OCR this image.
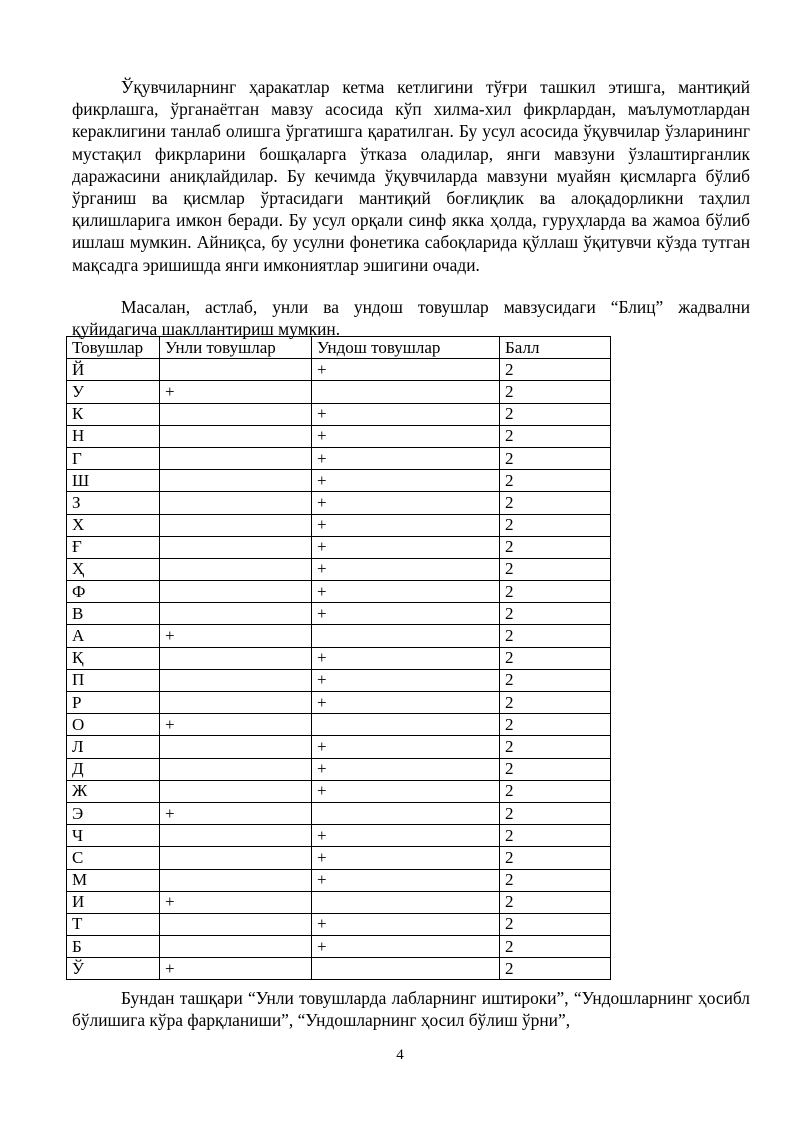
Ўқувчиларнинг ҳаракатлар кетма кетлигини тўғри ташкил этишга, мантиқий фикрлашга, ўрганаётган мавзу асосида кўп хилма-хил фикрлардан, маълумотлардан кераклигини танлаб олишга ўргатишга қаратилган. Бу усул асосида ўқувчилар ўзларининг мустақил фикрларини бошқаларга ўтказа оладилар, янги мавзуни ўзлаштирганлик даражасини аниқлайдилар. Бу кечимда ўқувчиларда мавзуни муайян қисмларга бўлиб ўрганиш ва қисмлар ўртасидаги мантиқий боғлиқлик ва алоқадорликни таҳлил қилишларига имкон беради. Бу усул орқали синф якка ҳолда, гуруҳларда ва жамоа бўлиб ишлаш мумкин. Айниқса, бу усулни фонетика сабоқларида қўллаш ўқитувчи кўзда тутган мақсадга эришишда янги имкониятлар эшигини очади.

Масалан, астлаб, унли ва ундош товушлар мавзусидаги “Блиц” жадвални қуйидагича шакллантириш мумкин.

Товушлар	Унли товушлар	Ундош товушлар	Балл
Й		+	2
У	+		2
К		+	2
Н		+	2
Г		+	2
Ш		+	2
З		+	2
Х		+	2
Ғ		+	2
Ҳ		+	2
Ф		+	2
В		+	2
А	+		2
Қ		+	2
П		+	2
Р		+	2
О	+		2
Л		+	2
Д		+	2
Ж		+	2
Э	+		2
Ч		+	2
С		+	2
М		+	2
И	+		2
Т		+	2
Б		+	2
Ў	+		2

Бундан ташқари “Унли товушларда лабларнинг иштироки”, “Ундошларнинг ҳосибл бўлишига кўра фарқланиши”, “Ундошларнинг ҳосил бўлиш ўрни”,

4
